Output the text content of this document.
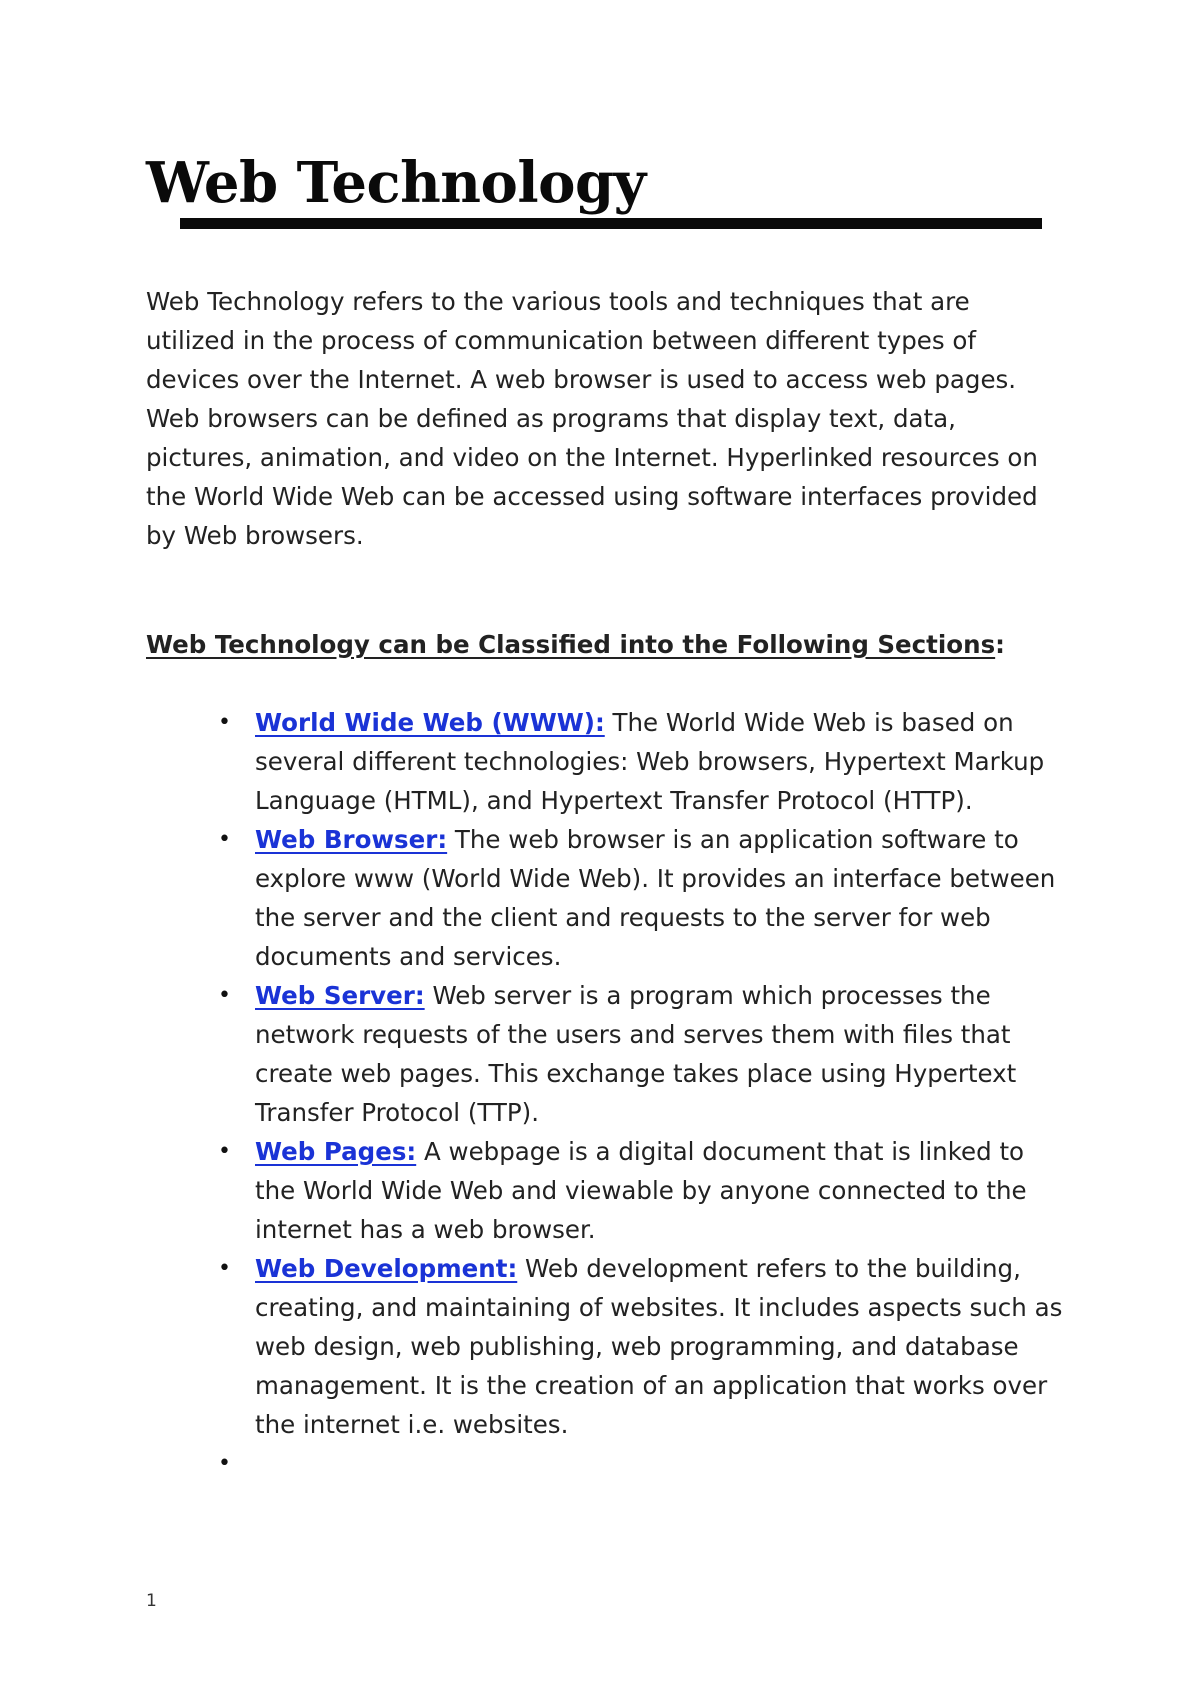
Web Technology

Web Technology refers to the various tools and techniques that are utilized in the process of communication between different types of devices over the Internet. A web browser is used to access web pages. Web browsers can be defined as programs that display text, data, pictures, animation, and video on the Internet. Hyperlinked resources on the World Wide Web can be accessed using software interfaces provided by Web browsers.

Web Technology can be Classified into the Following Sections:
• World Wide Web (WWW): The World Wide Web is based on several different technologies: Web browsers, Hypertext Markup Language (HTML), and Hypertext Transfer Protocol (HTTP).
• Web Browser: The web browser is an application software to explore www (World Wide Web). It provides an interface between the server and the client and requests to the server for web documents and services.
• Web Server: Web server is a program which processes the network requests of the users and serves them with files that create web pages. This exchange takes place using Hypertext Transfer Protocol (TTP).
• Web Pages: A webpage is a digital document that is linked to the World Wide Web and viewable by anyone connected to the internet has a web browser.
• Web Development: Web development refers to the building, creating, and maintaining of websites. It includes aspects such as web design, web publishing, web programming, and database management. It is the creation of an application that works over the internet i.e. websites.
•
1
